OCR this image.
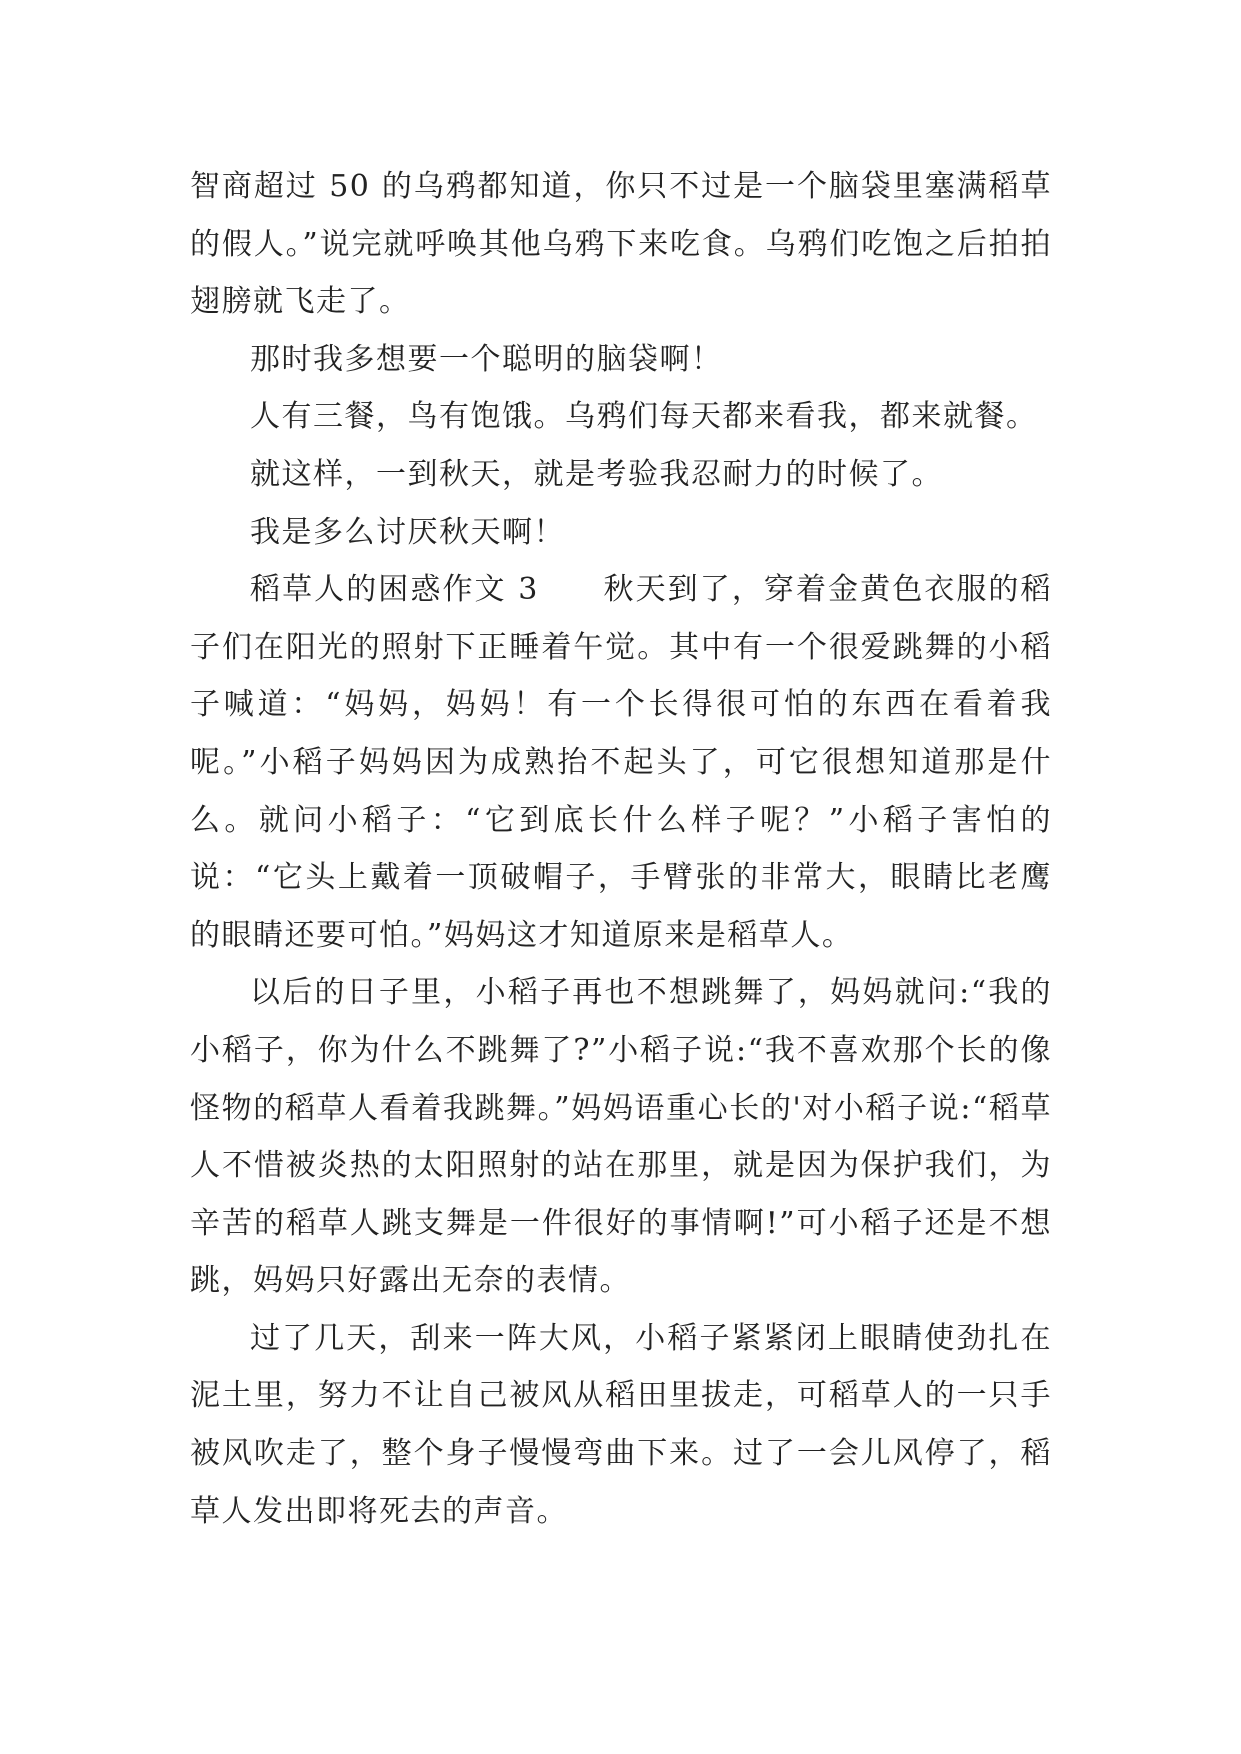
智商超过 50 的乌鸦都知道，你只不过是一个脑袋里塞满稻草的假人。”说完就呼唤其他乌鸦下来吃食。乌鸦们吃饱之后拍拍翅膀就飞走了。

那时我多想要一个聪明的脑袋啊！

人有三餐，鸟有饱饿。乌鸦们每天都来看我，都来就餐。

就这样，一到秋天，就是考验我忍耐力的时候了。

我是多么讨厌秋天啊！

稻草人的困惑作文 3　　秋天到了，穿着金黄色衣服的稻子们在阳光的照射下正睡着午觉。其中有一个很爱跳舞的小稻子喊道：“妈妈，妈妈！有一个长得很可怕的东西在看着我呢。”小稻子妈妈因为成熟抬不起头了，可它很想知道那是什么。就问小稻子：“它到底长什么样子呢？”小稻子害怕的说：“它头上戴着一顶破帽子，手臂张的非常大，眼睛比老鹰的眼睛还要可怕。”妈妈这才知道原来是稻草人。

以后的日子里，小稻子再也不想跳舞了，妈妈就问:“我的小稻子，你为什么不跳舞了?”小稻子说:“我不喜欢那个长的像怪物的稻草人看着我跳舞。”妈妈语重心长的'对小稻子说:“稻草人不惜被炎热的太阳照射的站在那里，就是因为保护我们，为辛苦的稻草人跳支舞是一件很好的事情啊!”可小稻子还是不想跳，妈妈只好露出无奈的表情。

过了几天，刮来一阵大风，小稻子紧紧闭上眼睛使劲扎在泥土里，努力不让自己被风从稻田里拔走，可稻草人的一只手被风吹走了，整个身子慢慢弯曲下来。过了一会儿风停了，稻草人发出即将死去的声音。
